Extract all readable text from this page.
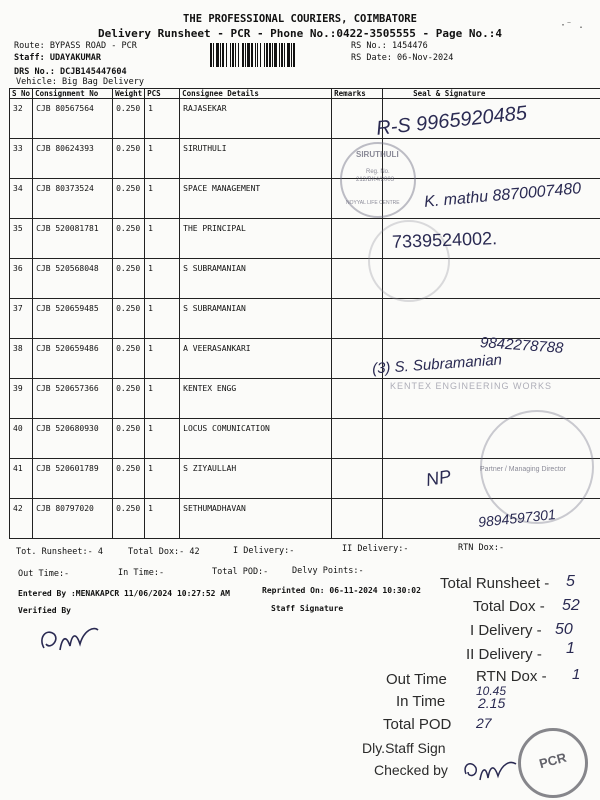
THE PROFESSIONAL COURIERS, COIMBATORE
Delivery Runsheet - PCR - Phone No.:0422-3505555 - Page No.:4
Route: BYPASS ROAD - PCR
Staff: UDAYAKUMAR
DRS No.: DCJB145447604
Vehicle: Big Bag Delivery
RS No.: 1454476
RS Date: 06-Nov-2024
·⁻ .
S No	Consignment No	Weight	PCS	Consignee Details	Remarks	Seal & Signature
32	CJB 80567564	0.250	1	RAJASEKAR		
33	CJB 80624393	0.250	1	SIRUTHULI		
34	CJB 80373524	0.250	1	SPACE MANAGEMENT		
35	CJB 520081781	0.250	1	THE PRINCIPAL		
36	CJB 520568048	0.250	1	S SUBRAMANIAN		
37	CJB 520659485	0.250	1	S SUBRAMANIAN		
38	CJB 520659486	0.250	1	A VEERASANKARI		
39	CJB 520657366	0.250	1	KENTEX ENGG		
40	CJB 520680930	0.250	1	LOCUS COMUNICATION		
41	CJB 520601789	0.250	1	S ZIYAULLAH		
42	CJB 80797020	0.250	1	SETHUMADHAVAN		
SIRUTHULI
Reg. No.
212/BK4/2003
NOYYAL LIFE CENTRE
KENTEX ENGINEERING WORKS
Partner / Managing Director
R-S 9965920485
K. mathu 8870007480
7339524002.
9842278788
(3) S. Subramanian
NP
9894597301
Tot. Runsheet:- 4	Total Dox:- 42	I Delivery:-	II Delivery:-	RTN Dox:-
Out Time:-	In Time:-	Total POD:-	Delvy Points:-
Entered By :MENAKAPCR 11/06/2024 10:27:52 AM	Reprinted On: 06-11-2024 10:30:02
Verified By	Staff Signature
Total Runsheet - 5
Total Dox - 52
I Delivery - 50
II Delivery - 1
RTN Dox - 1
Out Time
10.45
In Time 2.15
Total POD 27
Dly.Staff Sign
Checked by	PCR
